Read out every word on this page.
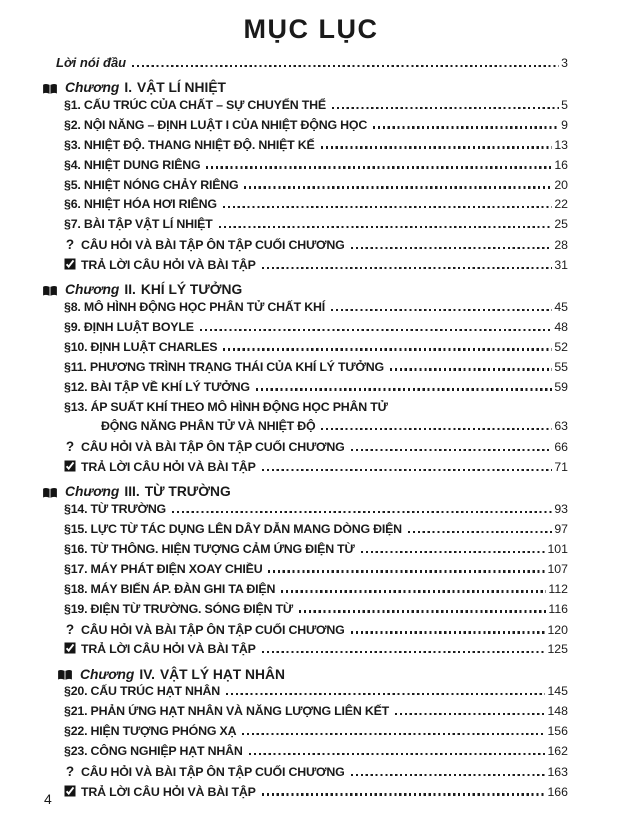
MỤC LỤC
Lời nói đầu	3
Chương I. VẬT LÍ NHIỆT
§1. CẤU TRÚC CỦA CHẤT – SỰ CHUYỂN THỂ	5
§2. NỘI NĂNG – ĐỊNH LUẬT I CỦA NHIỆT ĐỘNG HỌC	9
§3. NHIỆT ĐỘ. THANG NHIỆT ĐỘ. NHIỆT KẾ	13
§4. NHIỆT DUNG RIÊNG	16
§5. NHIỆT NÓNG CHẢY RIÊNG	20
§6. NHIỆT HÓA HƠI RIÊNG	22
§7. BÀI TẬP VẬT LÍ NHIỆT	25
? CÂU HỎI VÀ BÀI TẬP ÔN TẬP CUỐI CHƯƠNG	28
TRẢ LỜI CÂU HỎI VÀ BÀI TẬP	31
Chương II. KHÍ LÝ TƯỞNG
§8. MÔ HÌNH ĐỘNG HỌC PHÂN TỬ CHẤT KHÍ	45
§9. ĐỊNH LUẬT BOYLE	48
§10. ĐỊNH LUẬT CHARLES	52
§11. PHƯƠNG TRÌNH TRẠNG THÁI CỦA KHÍ LÝ TƯỞNG	55
§12. BÀI TẬP VỀ KHÍ LÝ TƯỞNG	59
§13. ÁP SUẤT KHÍ THEO MÔ HÌNH ĐỘNG HỌC PHÂN TỬ
ĐỘNG NĂNG PHÂN TỬ VÀ NHIỆT ĐỘ	63
? CÂU HỎI VÀ BÀI TẬP ÔN TẬP CUỐI CHƯƠNG	66
TRẢ LỜI CÂU HỎI VÀ BÀI TẬP	71
Chương III. TỪ TRƯỜNG
§14. TỪ TRƯỜNG	93
§15. LỰC TỪ TÁC DỤNG LÊN DÂY DẪN MANG DÒNG ĐIỆN	97
§16. TỪ THÔNG. HIỆN TƯỢNG CẢM ỨNG ĐIỆN TỪ	101
§17. MÁY PHÁT ĐIỆN XOAY CHIỀU	107
§18. MÁY BIẾN ÁP. ĐÀN GHI TA ĐIỆN	112
§19. ĐIỆN TỪ TRƯỜNG. SÓNG ĐIỆN TỪ	116
? CÂU HỎI VÀ BÀI TẬP ÔN TẬP CUỐI CHƯƠNG	120
TRẢ LỜI CÂU HỎI VÀ BÀI TẬP	125
Chương IV. VẬT LÝ HẠT NHÂN
§20. CẤU TRÚC HẠT NHÂN	145
§21. PHẢN ỨNG HẠT NHÂN VÀ NĂNG LƯỢNG LIÊN KẾT	148
§22. HIỆN TƯỢNG PHÓNG XẠ	156
§23. CÔNG NGHIỆP HẠT NHÂN	162
? CÂU HỎI VÀ BÀI TẬP ÔN TẬP CUỐI CHƯƠNG	163
TRẢ LỜI CÂU HỎI VÀ BÀI TẬP	166
4
